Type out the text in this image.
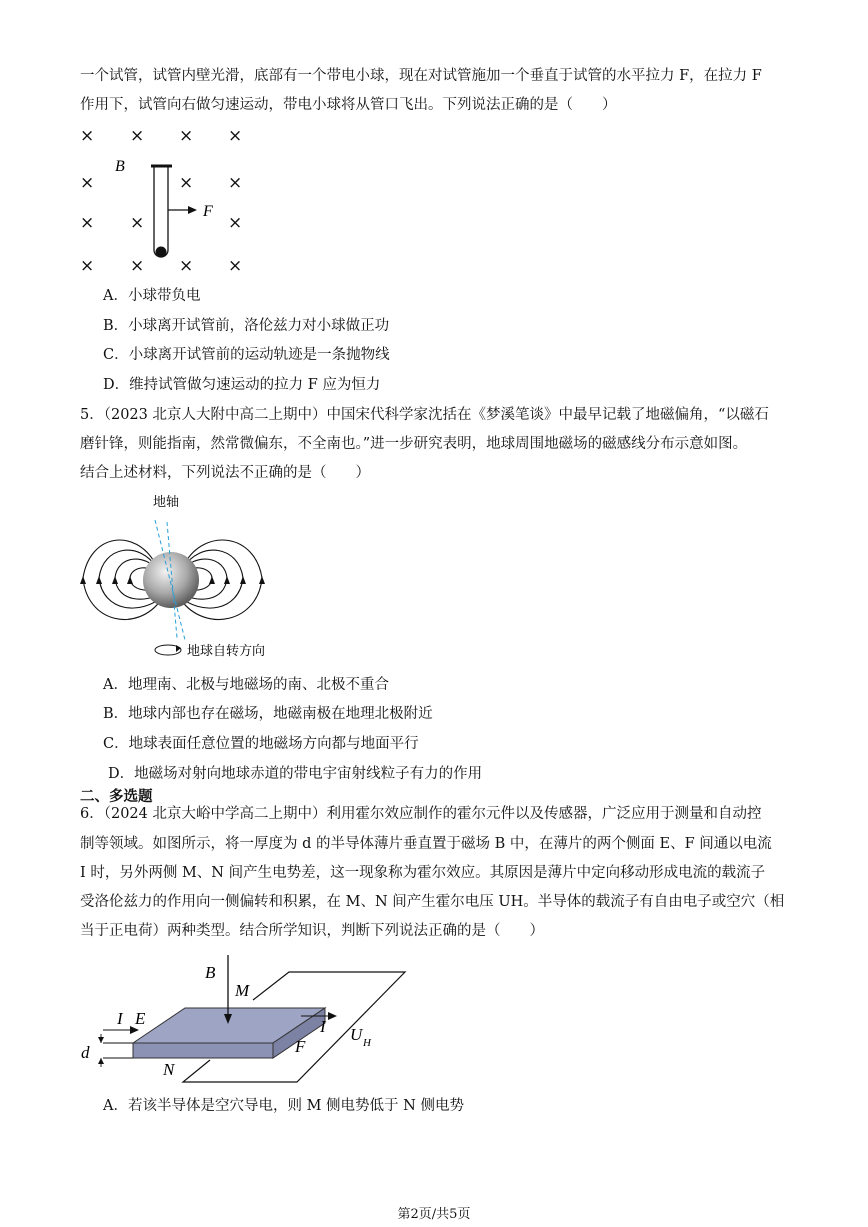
一个试管，试管内壁光滑，底部有一个带电小球，现在对试管施加一个垂直于试管的水平拉力 F，在拉力 F
作用下，试管向右做匀速运动，带电小球将从管口飞出。下列说法正确的是（　　）
× × × ×
×	× ×
× ×	×
× × × ×
B
F
A．小球带负电
B．小球离开试管前，洛伦兹力对小球做正功
C．小球离开试管前的运动轨迹是一条抛物线
D．维持试管做匀速运动的拉力 F 应为恒力
5．（2023 北京人大附中高二上期中）中国宋代科学家沈括在《梦溪笔谈》中最早记载了地磁偏角，“以磁石
磨针锋，则能指南，然常微偏东，不全南也。”进一步研究表明，地球周围地磁场的磁感线分布示意如图。
结合上述材料，下列说法不正确的是（　　）
地轴
地球自转方向
A．地理南、北极与地磁场的南、北极不重合
B．地球内部也存在磁场，地磁南极在地理北极附近
C．地球表面任意位置的地磁场方向都与地面平行
D．地磁场对射向地球赤道的带电宇宙射线粒子有力的作用
二、多选题
6．（2024 北京大峪中学高二上期中）利用霍尔效应制作的霍尔元件以及传感器，广泛应用于测量和自动控
制等领域。如图所示，将一厚度为 d 的半导体薄片垂直置于磁场 B 中，在薄片的两个侧面 E、F 间通以电流
I 时，另外两侧 M、N 间产生电势差，这一现象称为霍尔效应。其原因是薄片中定向移动形成电流的载流子
受洛伦兹力的作用向一侧偏转和积累，在 M、N 间产生霍尔电压 UH。半导体的载流子有自由电子或空穴（相
当于正电荷）两种类型。结合所学知识，判断下列说法正确的是（　　）
B
M
I E	I
d	F
N
U H
A．若该半导体是空穴导电，则 M 侧电势低于 N 侧电势
第2页/共5页
